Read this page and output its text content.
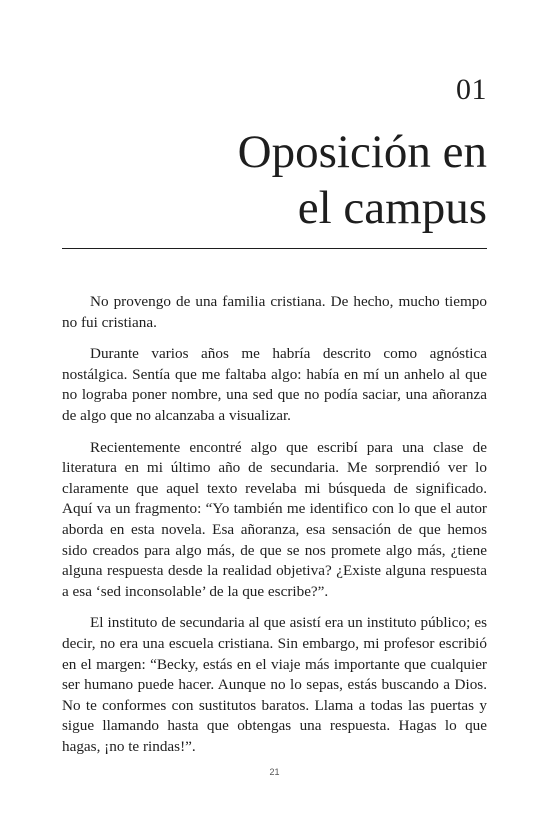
01
Oposición en
el campus

No provengo de una familia cristiana. De hecho, mucho tiempo no fui cristiana.

Durante varios años me habría descrito como agnóstica nostálgica. Sentía que me faltaba algo: había en mí un anhelo al que no lograba poner nombre, una sed que no podía saciar, una añoranza de algo que no alcanzaba a visualizar.

Recientemente encontré algo que escribí para una clase de literatura en mi último año de secundaria. Me sorprendió ver lo claramente que aquel texto revelaba mi búsqueda de significado. Aquí va un fragmento: “Yo también me identifico con lo que el autor aborda en esta novela. Esa añoranza, esa sensación de que hemos sido creados para algo más, de que se nos promete algo más, ¿tiene alguna respuesta desde la realidad objetiva? ¿Existe alguna respuesta a esa ‘sed inconsolable’ de la que escribe?”.

El instituto de secundaria al que asistí era un instituto público; es decir, no era una escuela cristiana. Sin embargo, mi profesor escribió en el margen: “Becky, estás en el viaje más importante que cualquier ser humano puede hacer. Aunque no lo sepas, estás buscando a Dios. No te conformes con sustitutos baratos. Llama a todas las puertas y sigue llamando hasta que obtengas una respuesta. Hagas lo que hagas, ¡no te rindas!”.

21
